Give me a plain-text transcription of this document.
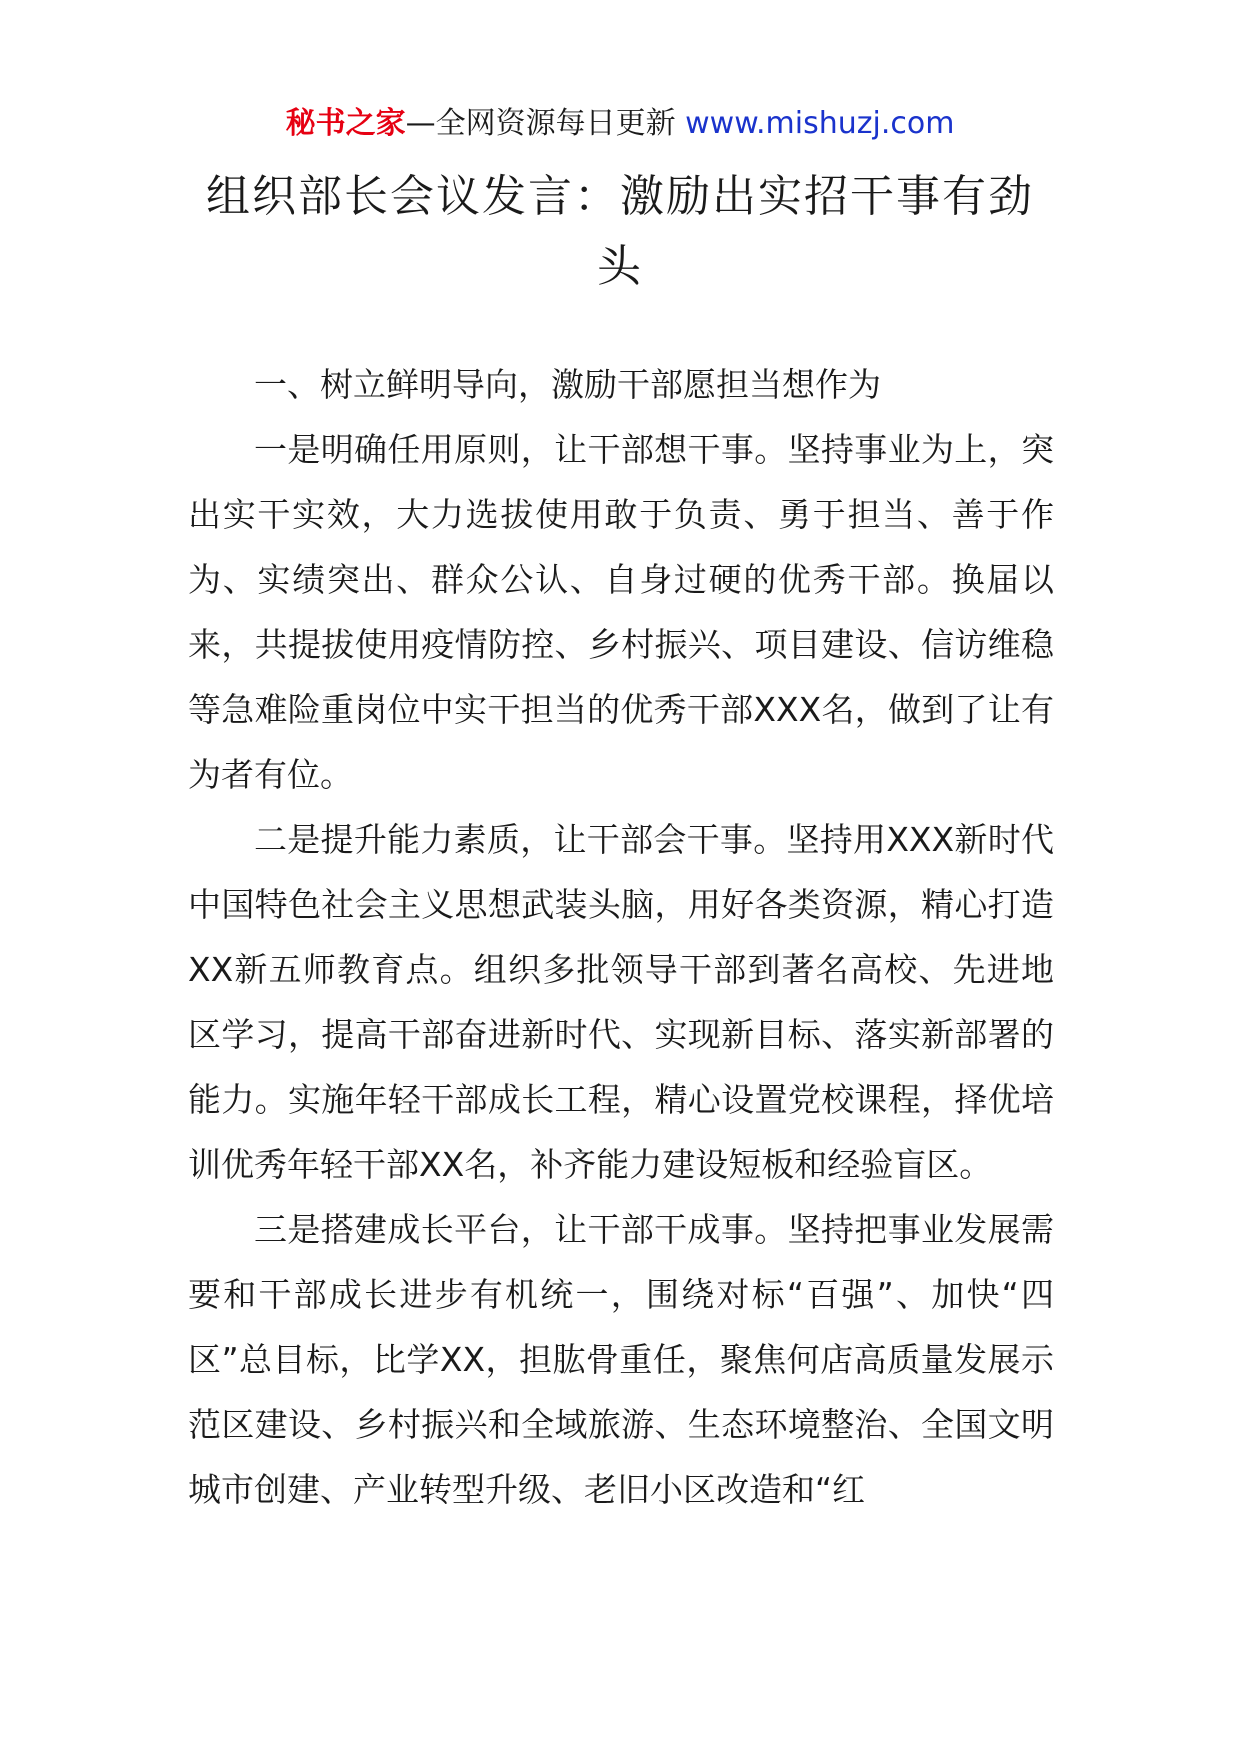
秘书之家—全网资源每日更新 www.mishuzj.com
组织部长会议发言：激励出实招干事有劲头

一、树立鲜明导向，激励干部愿担当想作为

一是明确任用原则，让干部想干事。坚持事业为上，突出实干实效，大力选拔使用敢于负责、勇于担当、善于作为、实绩突出、群众公认、自身过硬的优秀干部。换届以来，共提拔使用疫情防控、乡村振兴、项目建设、信访维稳等急难险重岗位中实干担当的优秀干部XXX名，做到了让有为者有位。

二是提升能力素质，让干部会干事。坚持用XXX新时代中国特色社会主义思想武装头脑，用好各类资源，精心打造XX新五师教育点。组织多批领导干部到著名高校、先进地区学习，提高干部奋进新时代、实现新目标、落实新部署的能力。实施年轻干部成长工程，精心设置党校课程，择优培训优秀年轻干部XX名，补齐能力建设短板和经验盲区。

三是搭建成长平台，让干部干成事。坚持把事业发展需要和干部成长进步有机统一，围绕对标“百强”、加快“四区”总目标，比学XX，担肱骨重任，聚焦何店高质量发展示范区建设、乡村振兴和全域旅游、生态环境整治、全国文明城市创建、产业转型升级、老旧小区改造和“红
